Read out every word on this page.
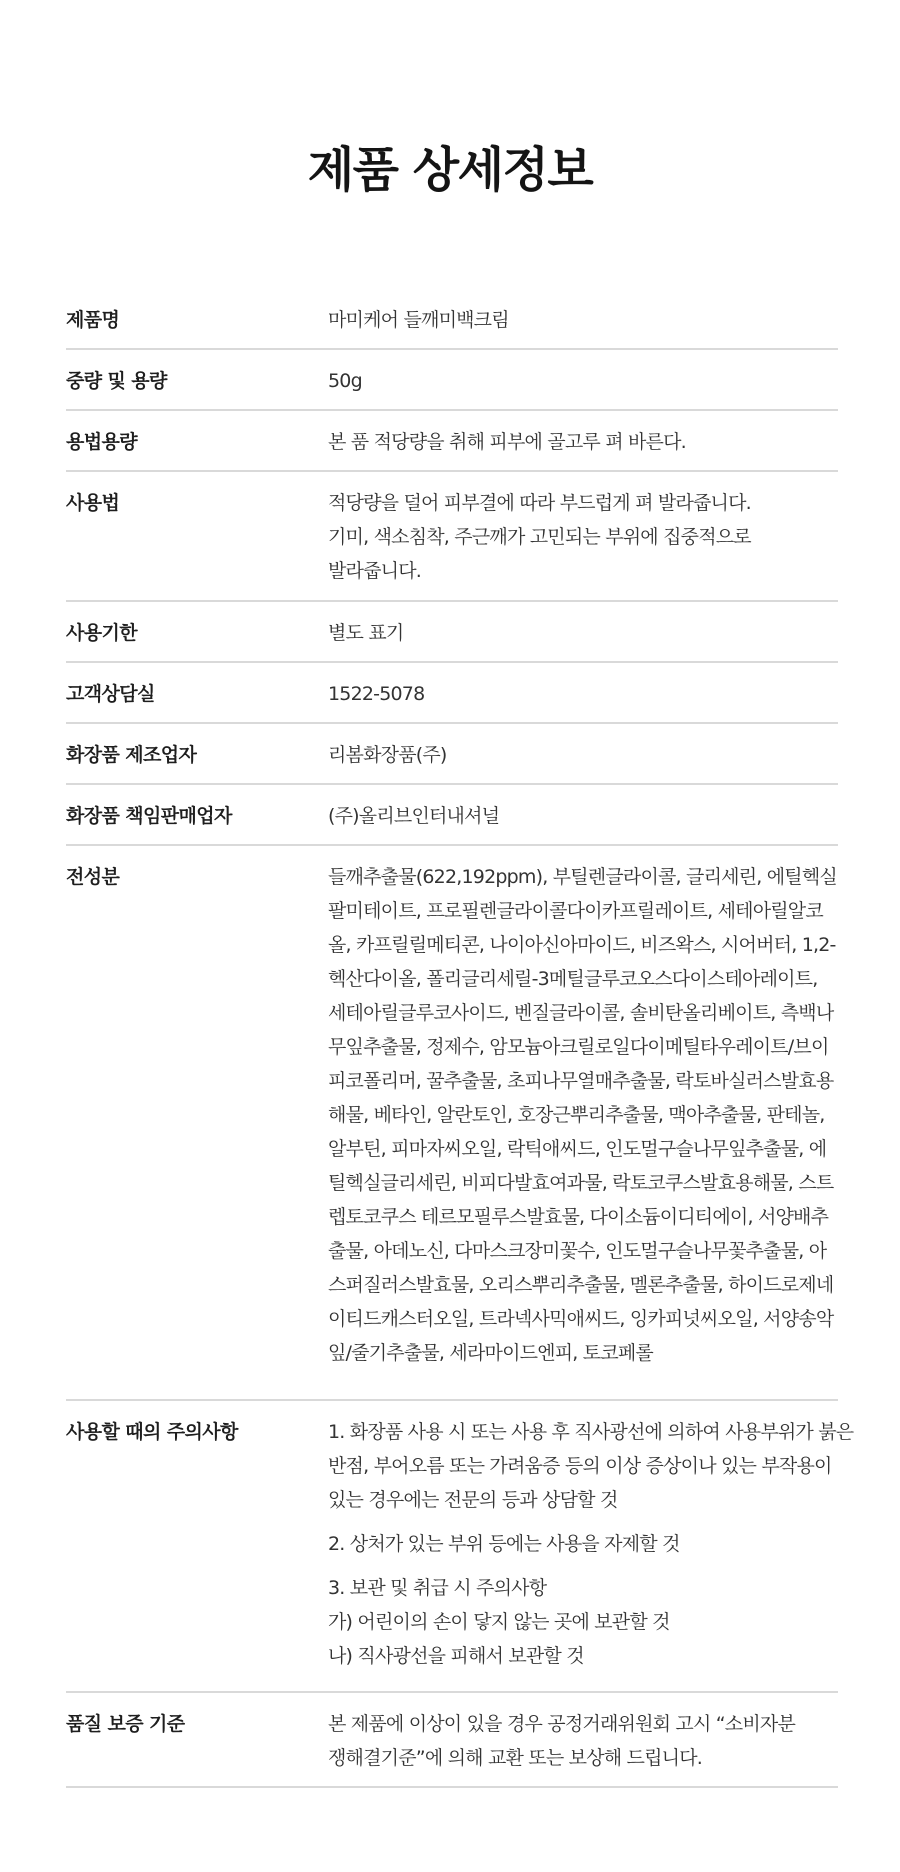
제품 상세정보
제품명	마미케어 들깨미백크림
중량 및 용량	50g
용법용량	본 품 적당량을 취해 피부에 골고루 펴 바른다.
사용법	적당량을 덜어 피부결에 따라 부드럽게 펴 발라줍니다.
기미, 색소침착, 주근깨가 고민되는 부위에 집중적으로
발라줍니다.
사용기한	별도 표기
고객상담실	1522-5078
화장품 제조업자	리봄화장품(주)
화장품 책임판매업자	(주)올리브인터내셔널
전성분	들깨추출물(622,192ppm), 부틸렌글라이콜, 글리세린, 에틸헥실
팔미테이트, 프로필렌글라이콜다이카프릴레이트, 세테아릴알코
올, 카프릴릴메티콘, 나이아신아마이드, 비즈왁스, 시어버터, 1,2-
헥산다이올, 폴리글리세릴-3메틸글루코오스다이스테아레이트,
세테아릴글루코사이드, 벤질글라이콜, 솔비탄올리베이트, 측백나
무잎추출물, 정제수, 암모늄아크릴로일다이메틸타우레이트/브이
피코폴리머, 꿀추출물, 초피나무열매추출물, 락토바실러스발효용
해물, 베타인, 알란토인, 호장근뿌리추출물, 맥아추출물, 판테놀,
알부틴, 피마자씨오일, 락틱애씨드, 인도멀구슬나무잎추출물, 에
틸헥실글리세린, 비피다발효여과물, 락토코쿠스발효용해물, 스트
렙토코쿠스 테르모필루스발효물, 다이소듐이디티에이, 서양배추
출물, 아데노신, 다마스크장미꽃수, 인도멀구슬나무꽃추출물, 아
스퍼질러스발효물, 오리스뿌리추출물, 멜론추출물, 하이드로제네
이티드캐스터오일, 트라넥사믹애씨드, 잉카피넛씨오일, 서양송악
잎/줄기추출물, 세라마이드엔피, 토코페롤
사용할 때의 주의사항	1. 화장품 사용 시 또는 사용 후 직사광선에 의하여 사용부위가 붉은
반점, 부어오름 또는 가려움증 등의 이상 증상이나 있는 부작용이
있는 경우에는 전문의 등과 상담할 것
2. 상처가 있는 부위 등에는 사용을 자제할 것
3. 보관 및 취급 시 주의사항
가) 어린이의 손이 닿지 않는 곳에 보관할 것
나) 직사광선을 피해서 보관할 것
품질 보증 기준	본 제품에 이상이 있을 경우 공정거래위원회 고시 “소비자분
쟁해결기준”에 의해 교환 또는 보상해 드립니다.
